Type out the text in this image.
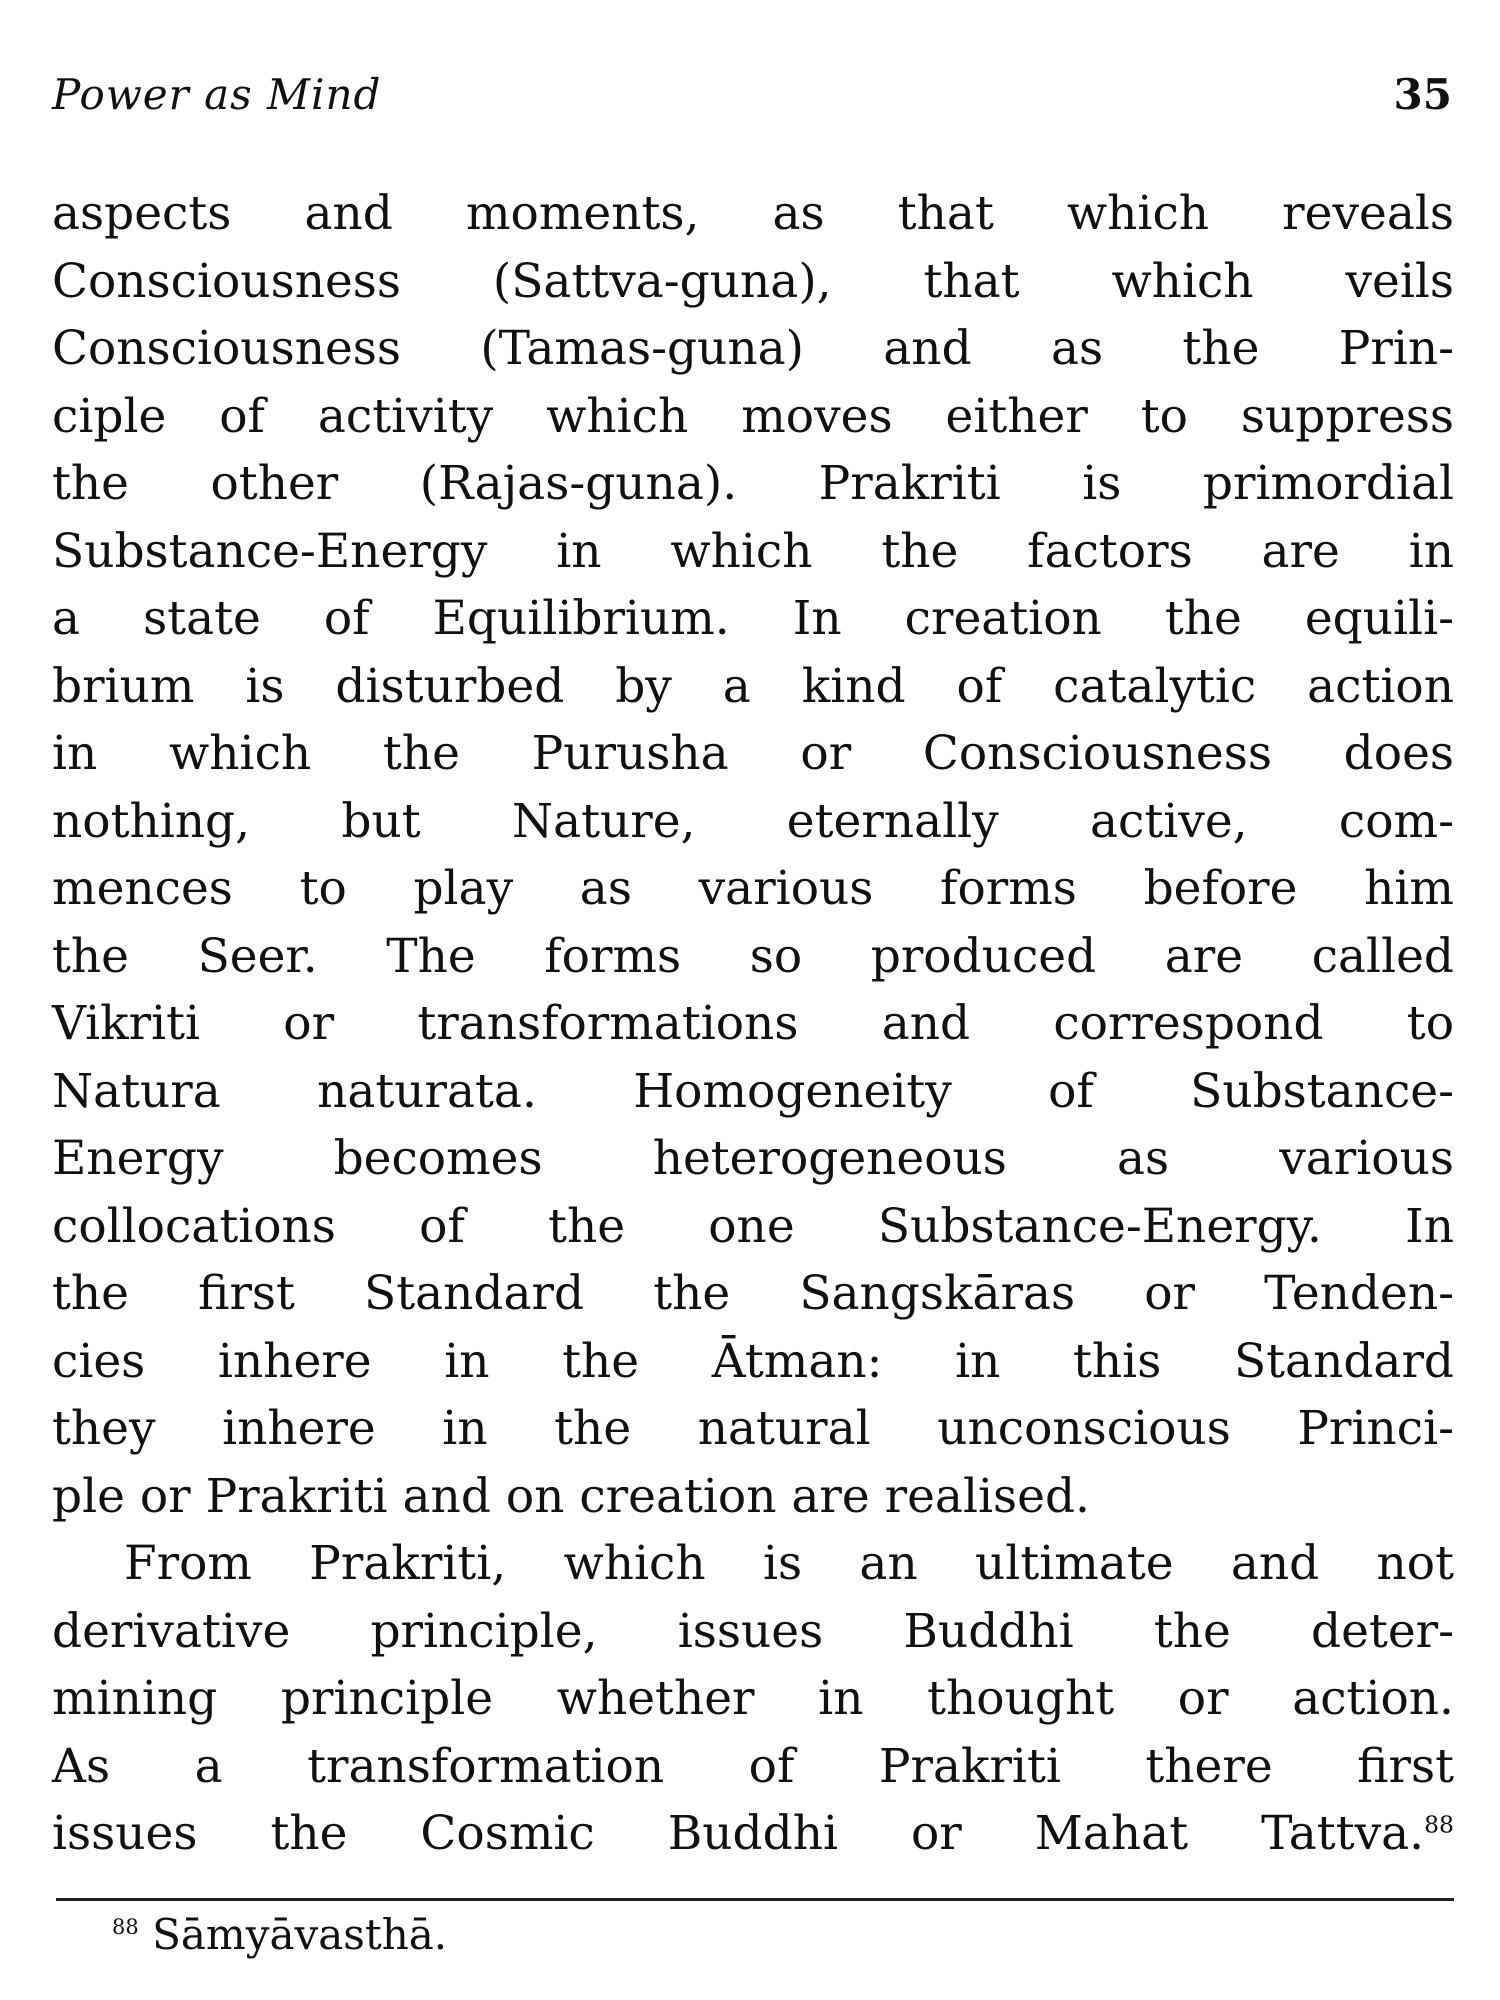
Power as Mind	35
aspects and moments, as that which reveals
Consciousness (Sattva-guna), that which veils
Consciousness (Tamas-guna) and as the Prin-
ciple of activity which moves either to suppress
the other (Rajas-guna). Prakriti is primordial
Substance-Energy in which the factors are in
a state of Equilibrium. In creation the equili-
brium is disturbed by a kind of catalytic action
in which the Purusha or Consciousness does
nothing, but Nature, eternally active, com-
mences to play as various forms before him
the Seer. The forms so produced are called
Vikriti or transformations and correspond to
Natura naturata. Homogeneity of Substance-
Energy becomes heterogeneous as various
collocations of the one Substance-Energy. In
the first Standard the Sangskāras or Tenden-
cies inhere in the Ātman: in this Standard
they inhere in the natural unconscious Princi-
ple or Prakriti and on creation are realised.
From Prakriti, which is an ultimate and not
derivative principle, issues Buddhi the deter-
mining principle whether in thought or action.
As a transformation of Prakriti there first
issues the Cosmic Buddhi or Mahat Tattva.$^{88}$
$^{88}$ Sāmyāvasthā.
